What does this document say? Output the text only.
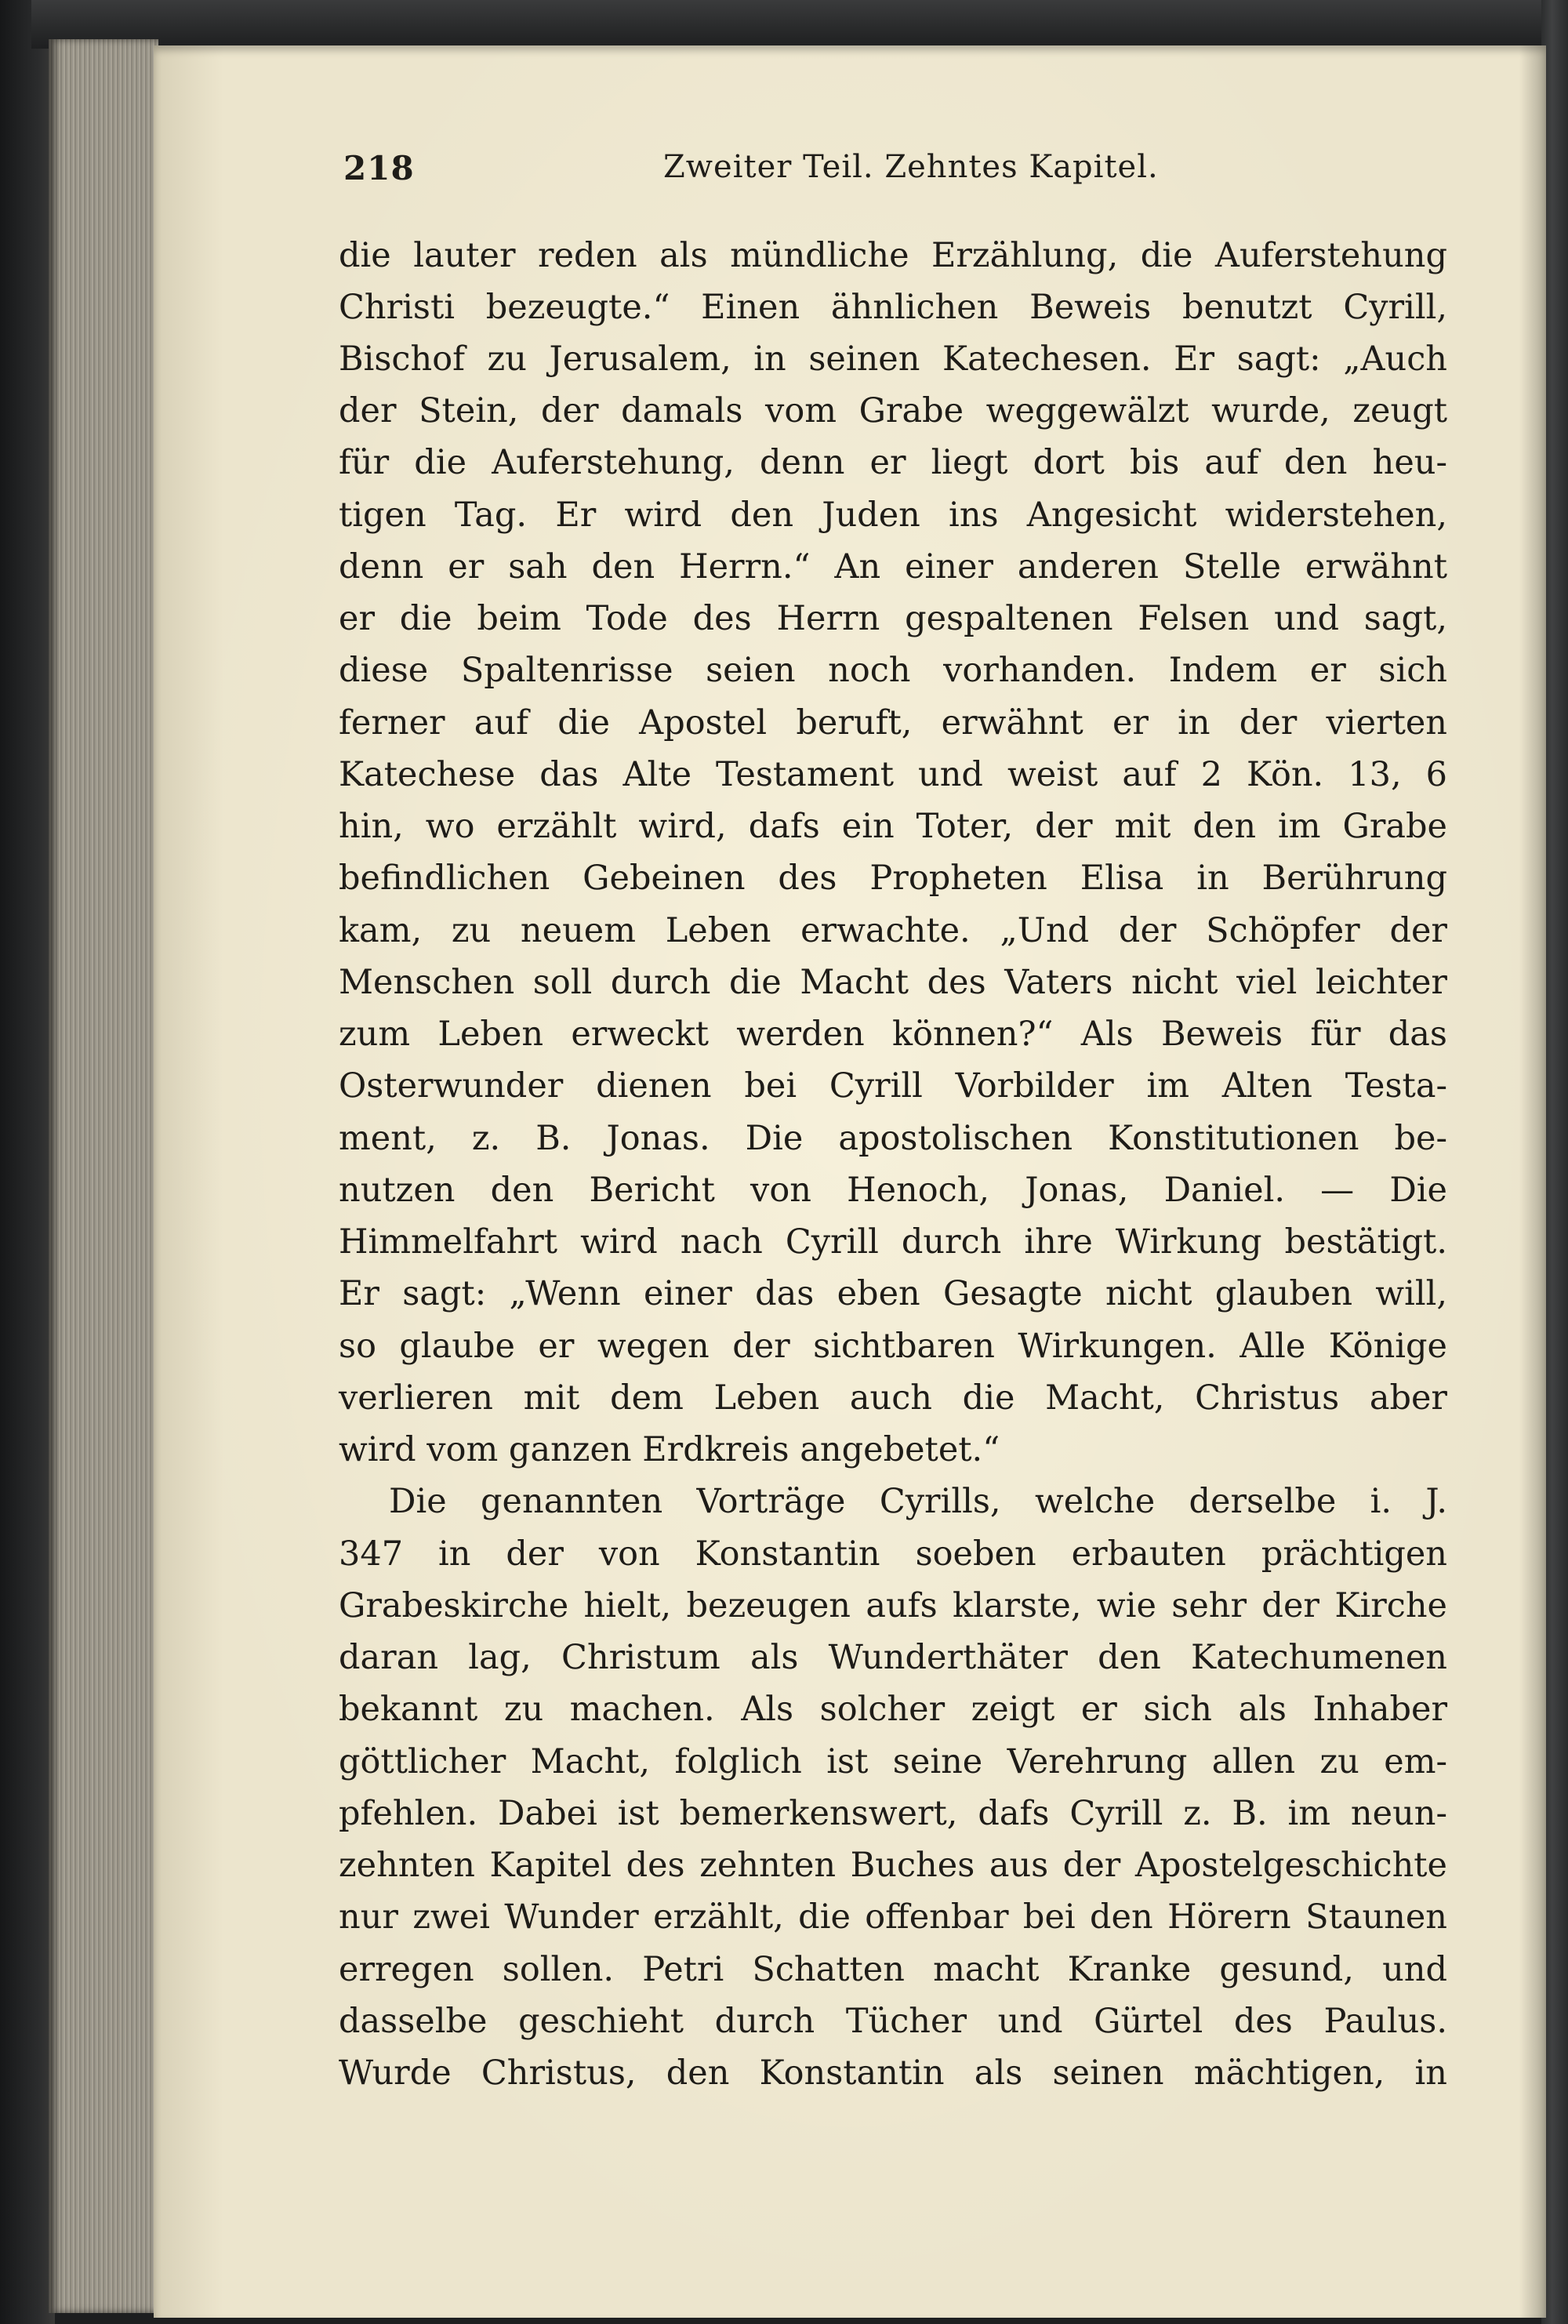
218	Zweiter Teil. Zehntes Kapitel.
die lauter reden als mündliche Erzählung, die Auferstehung
Christi bezeugte.“ Einen ähnlichen Beweis benutzt Cyrill,
Bischof zu Jerusalem, in seinen Katechesen. Er sagt: „Auch
der Stein, der damals vom Grabe weggewälzt wurde, zeugt
für die Auferstehung, denn er liegt dort bis auf den heu-
tigen Tag. Er wird den Juden ins Angesicht widerstehen,
denn er sah den Herrn.“ An einer anderen Stelle erwähnt
er die beim Tode des Herrn gespaltenen Felsen und sagt,
diese Spaltenrisse seien noch vorhanden. Indem er sich
ferner auf die Apostel beruft, erwähnt er in der vierten
Katechese das Alte Testament und weist auf 2 Kön. 13, 6
hin, wo erzählt wird, dafs ein Toter, der mit den im Grabe
befindlichen Gebeinen des Propheten Elisa in Berührung
kam, zu neuem Leben erwachte. „Und der Schöpfer der
Menschen soll durch die Macht des Vaters nicht viel leichter
zum Leben erweckt werden können?“ Als Beweis für das
Osterwunder dienen bei Cyrill Vorbilder im Alten Testa-
ment, z. B. Jonas. Die apostolischen Konstitutionen be-
nutzen den Bericht von Henoch, Jonas, Daniel. — Die
Himmelfahrt wird nach Cyrill durch ihre Wirkung bestätigt.
Er sagt: „Wenn einer das eben Gesagte nicht glauben will,
so glaube er wegen der sichtbaren Wirkungen. Alle Könige
verlieren mit dem Leben auch die Macht, Christus aber
wird vom ganzen Erdkreis angebetet.“
Die genannten Vorträge Cyrills, welche derselbe i. J.
347 in der von Konstantin soeben erbauten prächtigen
Grabeskirche hielt, bezeugen aufs klarste, wie sehr der Kirche
daran lag, Christum als Wunderthäter den Katechumenen
bekannt zu machen. Als solcher zeigt er sich als Inhaber
göttlicher Macht, folglich ist seine Verehrung allen zu em-
pfehlen. Dabei ist bemerkenswert, dafs Cyrill z. B. im neun-
zehnten Kapitel des zehnten Buches aus der Apostelgeschichte
nur zwei Wunder erzählt, die offenbar bei den Hörern Staunen
erregen sollen. Petri Schatten macht Kranke gesund, und
dasselbe geschieht durch Tücher und Gürtel des Paulus.
Wurde Christus, den Konstantin als seinen mächtigen, in
